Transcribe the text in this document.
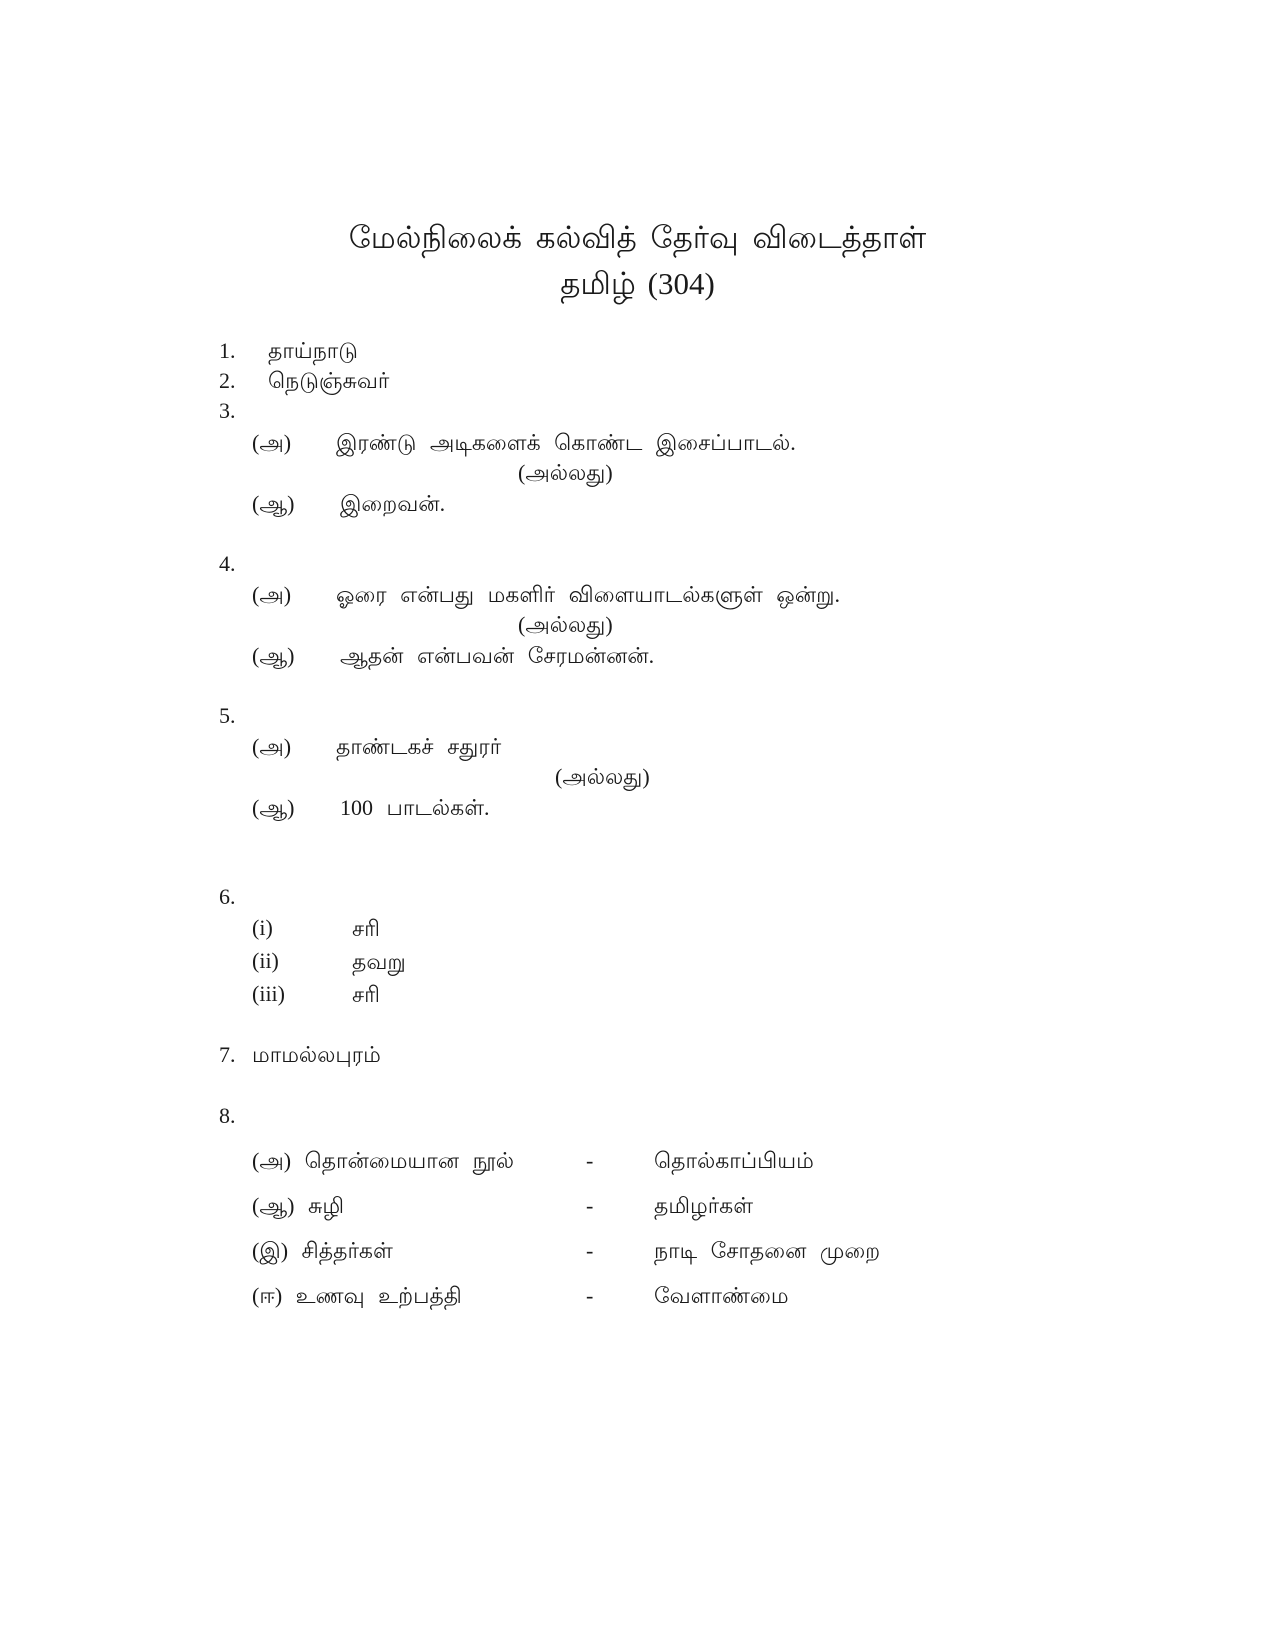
மேல்நிலைக் கல்வித் தேர்வு விடைத்தாள்
தமிழ் (304)
1. தாய்நாடு
2. நெடுஞ்சுவர்
3.
(அ) இரண்டு அடிகளைக் கொண்ட இசைப்பாடல்.
(அல்லது)
(ஆ) இறைவன்.
4.
(அ) ஓரை என்பது மகளிர் விளையாடல்களுள் ஒன்று.
(அல்லது)
(ஆ) ஆதன் என்பவன் சேரமன்னன்.
5.
(அ) தாண்டகச் சதுரர்
(அல்லது)
(ஆ) 100 பாடல்கள்.
6.
(i)	சரி
(ii)	தவறு
(iii)	சரி
7. மாமல்லபுரம்
8.
(அ) தொன்மையான நூல்	-	தொல்காப்பியம்
(ஆ) சுழி	-	தமிழர்கள்
(இ) சித்தர்கள்	-	நாடி சோதனை முறை
(ஈ) உணவு உற்பத்தி	-	வேளாண்மை
